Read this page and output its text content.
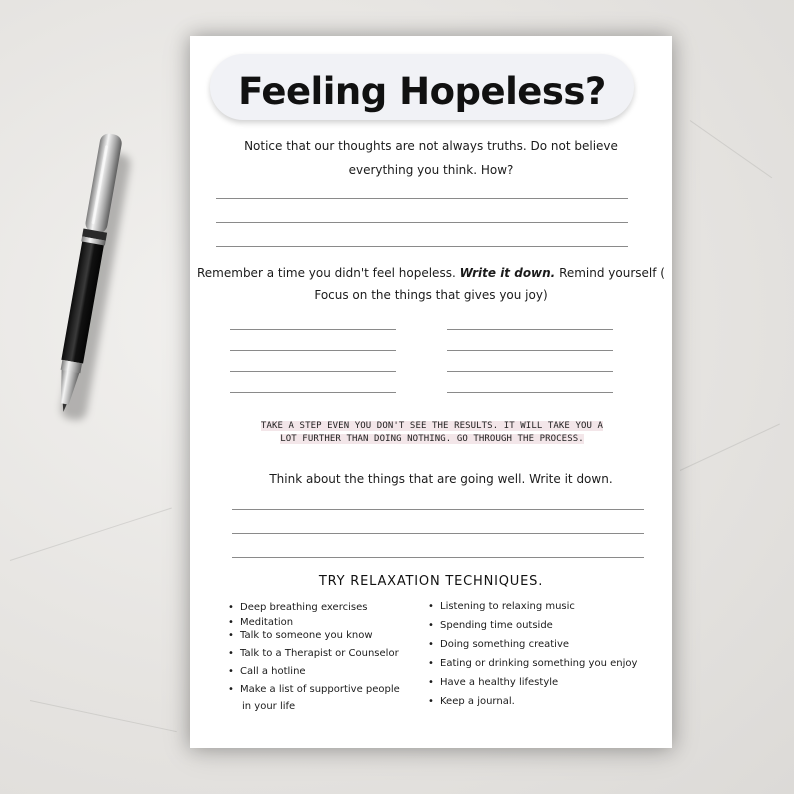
Feeling Hopeless?
Notice that our thoughts are not always truths. Do not believe
everything you think. How?
Remember a time you didn't feel hopeless. Write it down. Remind yourself (
Focus on the things that gives you joy)
TAKE A STEP EVEN YOU DON'T SEE THE RESULTS. IT WILL TAKE YOU A
LOT FURTHER THAN DOING NOTHING. GO THROUGH THE PROCESS.
Think about the things that are going well. Write it down.
TRY RELAXATION TECHNIQUES.
• Deep breathing exercises
• Meditation
• Talk to someone you know
• Talk to a Therapist or Counselor
• Call a hotline
• Make a list of supportive people
in your life
• Listening to relaxing music
• Spending time outside
• Doing something creative
• Eating or drinking something you enjoy
• Have a healthy lifestyle
• Keep a journal.
